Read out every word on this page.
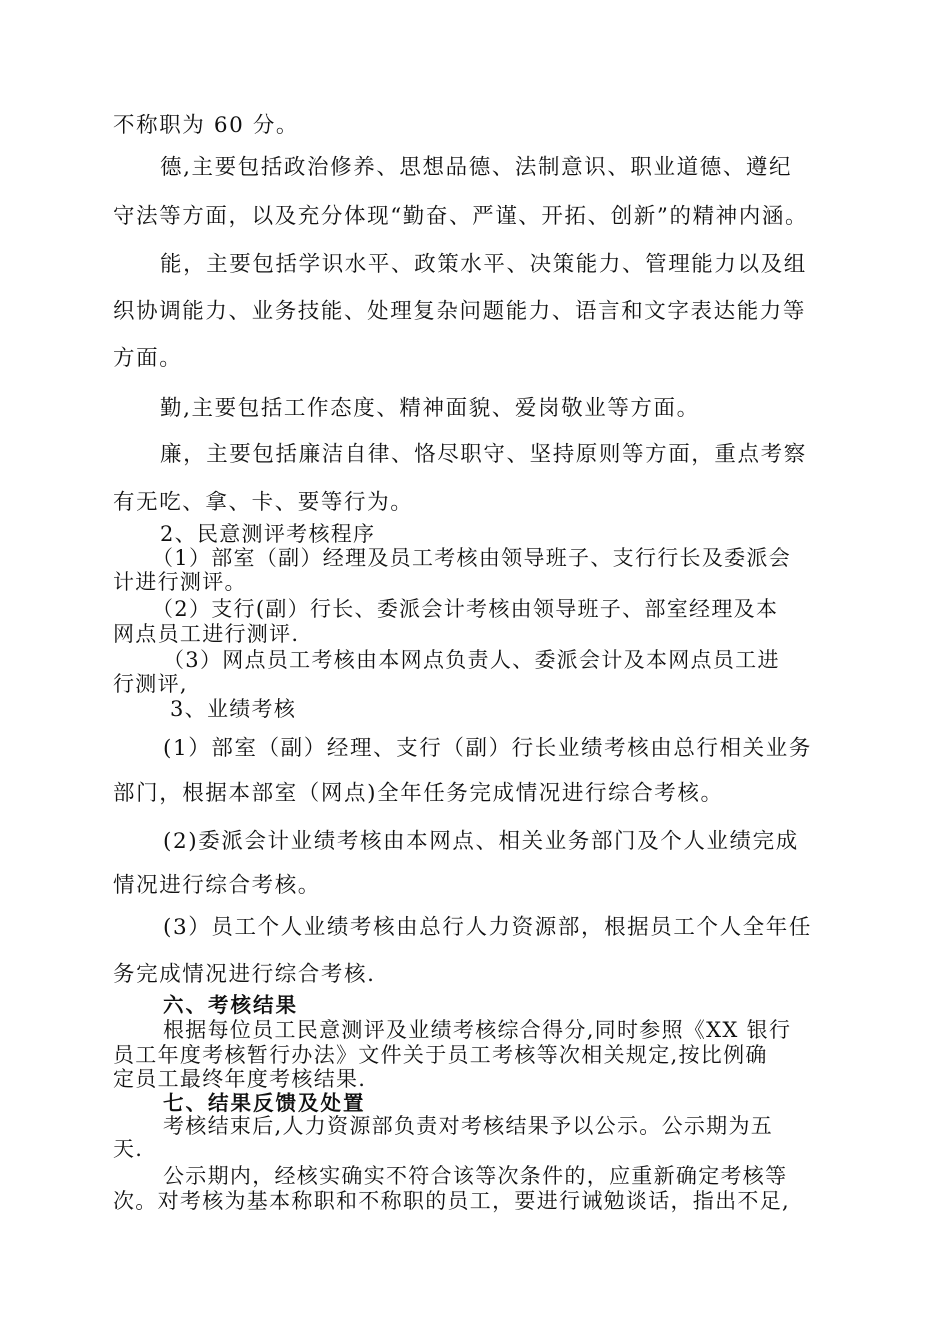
不称职为 60 分。
德,主要包括政治修养、思想品德、法制意识、职业道德、遵纪
守法等方面，以及充分体现“勤奋、严谨、开拓、创新”的精神内涵。
能，主要包括学识水平、政策水平、决策能力、管理能力以及组
织协调能力、业务技能、处理复杂问题能力、语言和文字表达能力等
方面。
勤,主要包括工作态度、精神面貌、爱岗敬业等方面。
廉，主要包括廉洁自律、恪尽职守、坚持原则等方面，重点考察
有无吃、拿、卡、要等行为。
2、民意测评考核程序
（1）部室（副）经理及员工考核由领导班子、支行行长及委派会
计进行测评。
（2）支行(副）行长、委派会计考核由领导班子、部室经理及本
网点员工进行测评.
（3）网点员工考核由本网点负责人、委派会计及本网点员工进
行测评,
3、业绩考核
(1）部室（副）经理、支行（副）行长业绩考核由总行相关业务
部门，根据本部室（网点)全年任务完成情况进行综合考核。
(2)委派会计业绩考核由本网点、相关业务部门及个人业绩完成
情况进行综合考核。
(3）员工个人业绩考核由总行人力资源部，根据员工个人全年任
务完成情况进行综合考核.
六、考核结果
根据每位员工民意测评及业绩考核综合得分,同时参照《XX 银行
员工年度考核暂行办法》文件关于员工考核等次相关规定,按比例确
定员工最终年度考核结果.
七、结果反馈及处置
考核结束后,人力资源部负责对考核结果予以公示。公示期为五
天.
公示期内，经核实确实不符合该等次条件的，应重新确定考核等
次。对考核为基本称职和不称职的员工，要进行诫勉谈话，指出不足,
